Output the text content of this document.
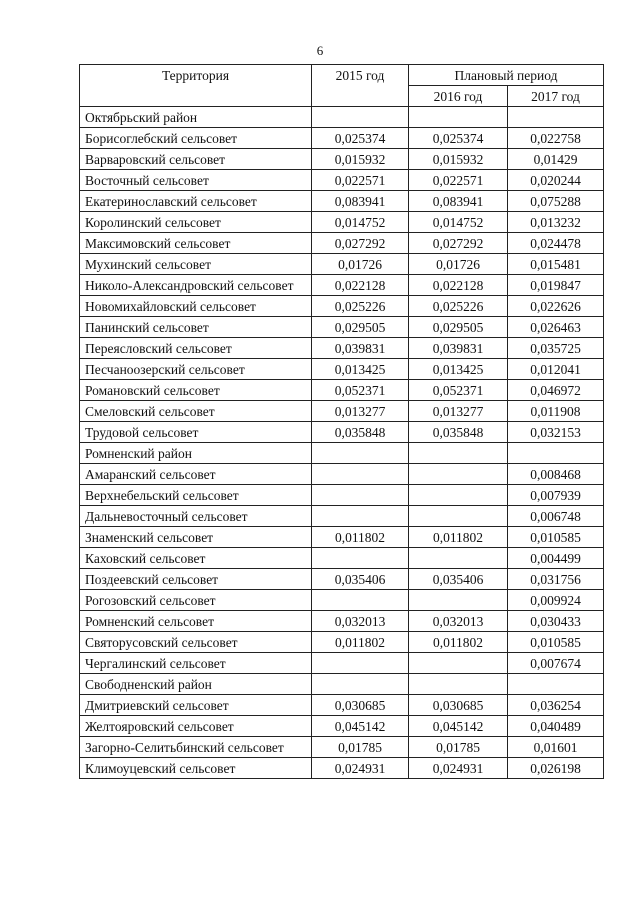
6
Территория	2015 год	Плановый период	
		2016 год	2017 год
Октябрьский район			
Борисоглебский сельсовет	0,025374	0,025374	0,022758
Варваровский сельсовет	0,015932	0,015932	0,01429
Восточный сельсовет	0,022571	0,022571	0,020244
Екатеринославский сельсовет	0,083941	0,083941	0,075288
Королинский сельсовет	0,014752	0,014752	0,013232
Максимовский сельсовет	0,027292	0,027292	0,024478
Мухинский сельсовет	0,01726	0,01726	0,015481
Николо-Александровский сельсовет	0,022128	0,022128	0,019847
Новомихайловский сельсовет	0,025226	0,025226	0,022626
Панинский сельсовет	0,029505	0,029505	0,026463
Переясловский сельсовет	0,039831	0,039831	0,035725
Песчаноозерский сельсовет	0,013425	0,013425	0,012041
Романовский сельсовет	0,052371	0,052371	0,046972
Смеловский сельсовет	0,013277	0,013277	0,011908
Трудовой сельсовет	0,035848	0,035848	0,032153
Ромненский район			
Амаранский сельсовет			0,008468
Верхнебельский сельсовет			0,007939
Дальневосточный сельсовет			0,006748
Знаменский сельсовет	0,011802	0,011802	0,010585
Каховский сельсовет			0,004499
Поздеевский сельсовет	0,035406	0,035406	0,031756
Рогозовский сельсовет			0,009924
Ромненский сельсовет	0,032013	0,032013	0,030433
Святорусовский сельсовет	0,011802	0,011802	0,010585
Чергалинский сельсовет			0,007674
Свободненский район			
Дмитриевский сельсовет	0,030685	0,030685	0,036254
Желтояровский сельсовет	0,045142	0,045142	0,040489
Загорно-Селитьбинский сельсовет	0,01785	0,01785	0,01601
Климоуцевский сельсовет	0,024931	0,024931	0,026198
